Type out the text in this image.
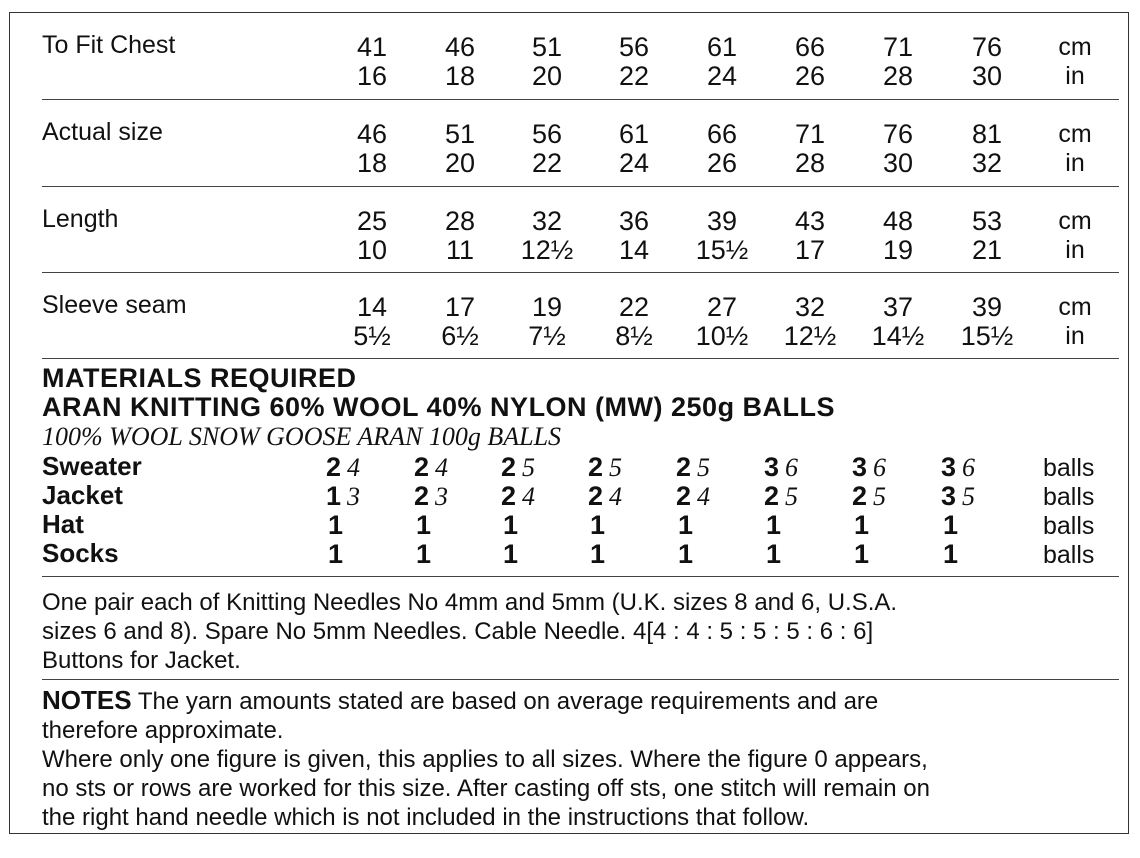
To Fit Chest	41	46	51	56	61	66	71	76	cm
16	18	20	22	24	26	28	30	in
Actual size	46	51	56	61	66	71	76	81	cm
18	20	22	24	26	28	30	32	in
Length	25	28	32	36	39	43	48	53	cm
10	11	12½	14	15½	17	19	21	in
Sleeve seam	14	17	19	22	27	32	37	39	cm
5½	6½	7½	8½	10½	12½	14½	15½	in
Sweater	2 4	2 4	2 5	2 5	2 5	3 6	3 6	3 6	balls
Jacket	1 3	2 3	2 4	2 4	2 4	2 5	2 5	3 5	balls
Hat	1	1	1	1	1	1	1	1	balls
Socks	1	1	1	1	1	1	1	1	balls
MATERIALS REQUIRED
ARAN KNITTING 60% WOOL 40% NYLON (MW) 250g BALLS
100% WOOL SNOW GOOSE ARAN 100g BALLS
One pair each of Knitting Needles No 4mm and 5mm (U.K. sizes 8 and 6, U.S.A.
sizes 6 and 8). Spare No 5mm Needles. Cable Needle. 4[4 : 4 : 5 : 5 : 5 : 6 : 6]
Buttons for Jacket.
NOTES The yarn amounts stated are based on average requirements and are
therefore approximate.
Where only one figure is given, this applies to all sizes. Where the figure 0 appears,
no sts or rows are worked for this size. After casting off sts, one stitch will remain on
the right hand needle which is not included in the instructions that follow.
